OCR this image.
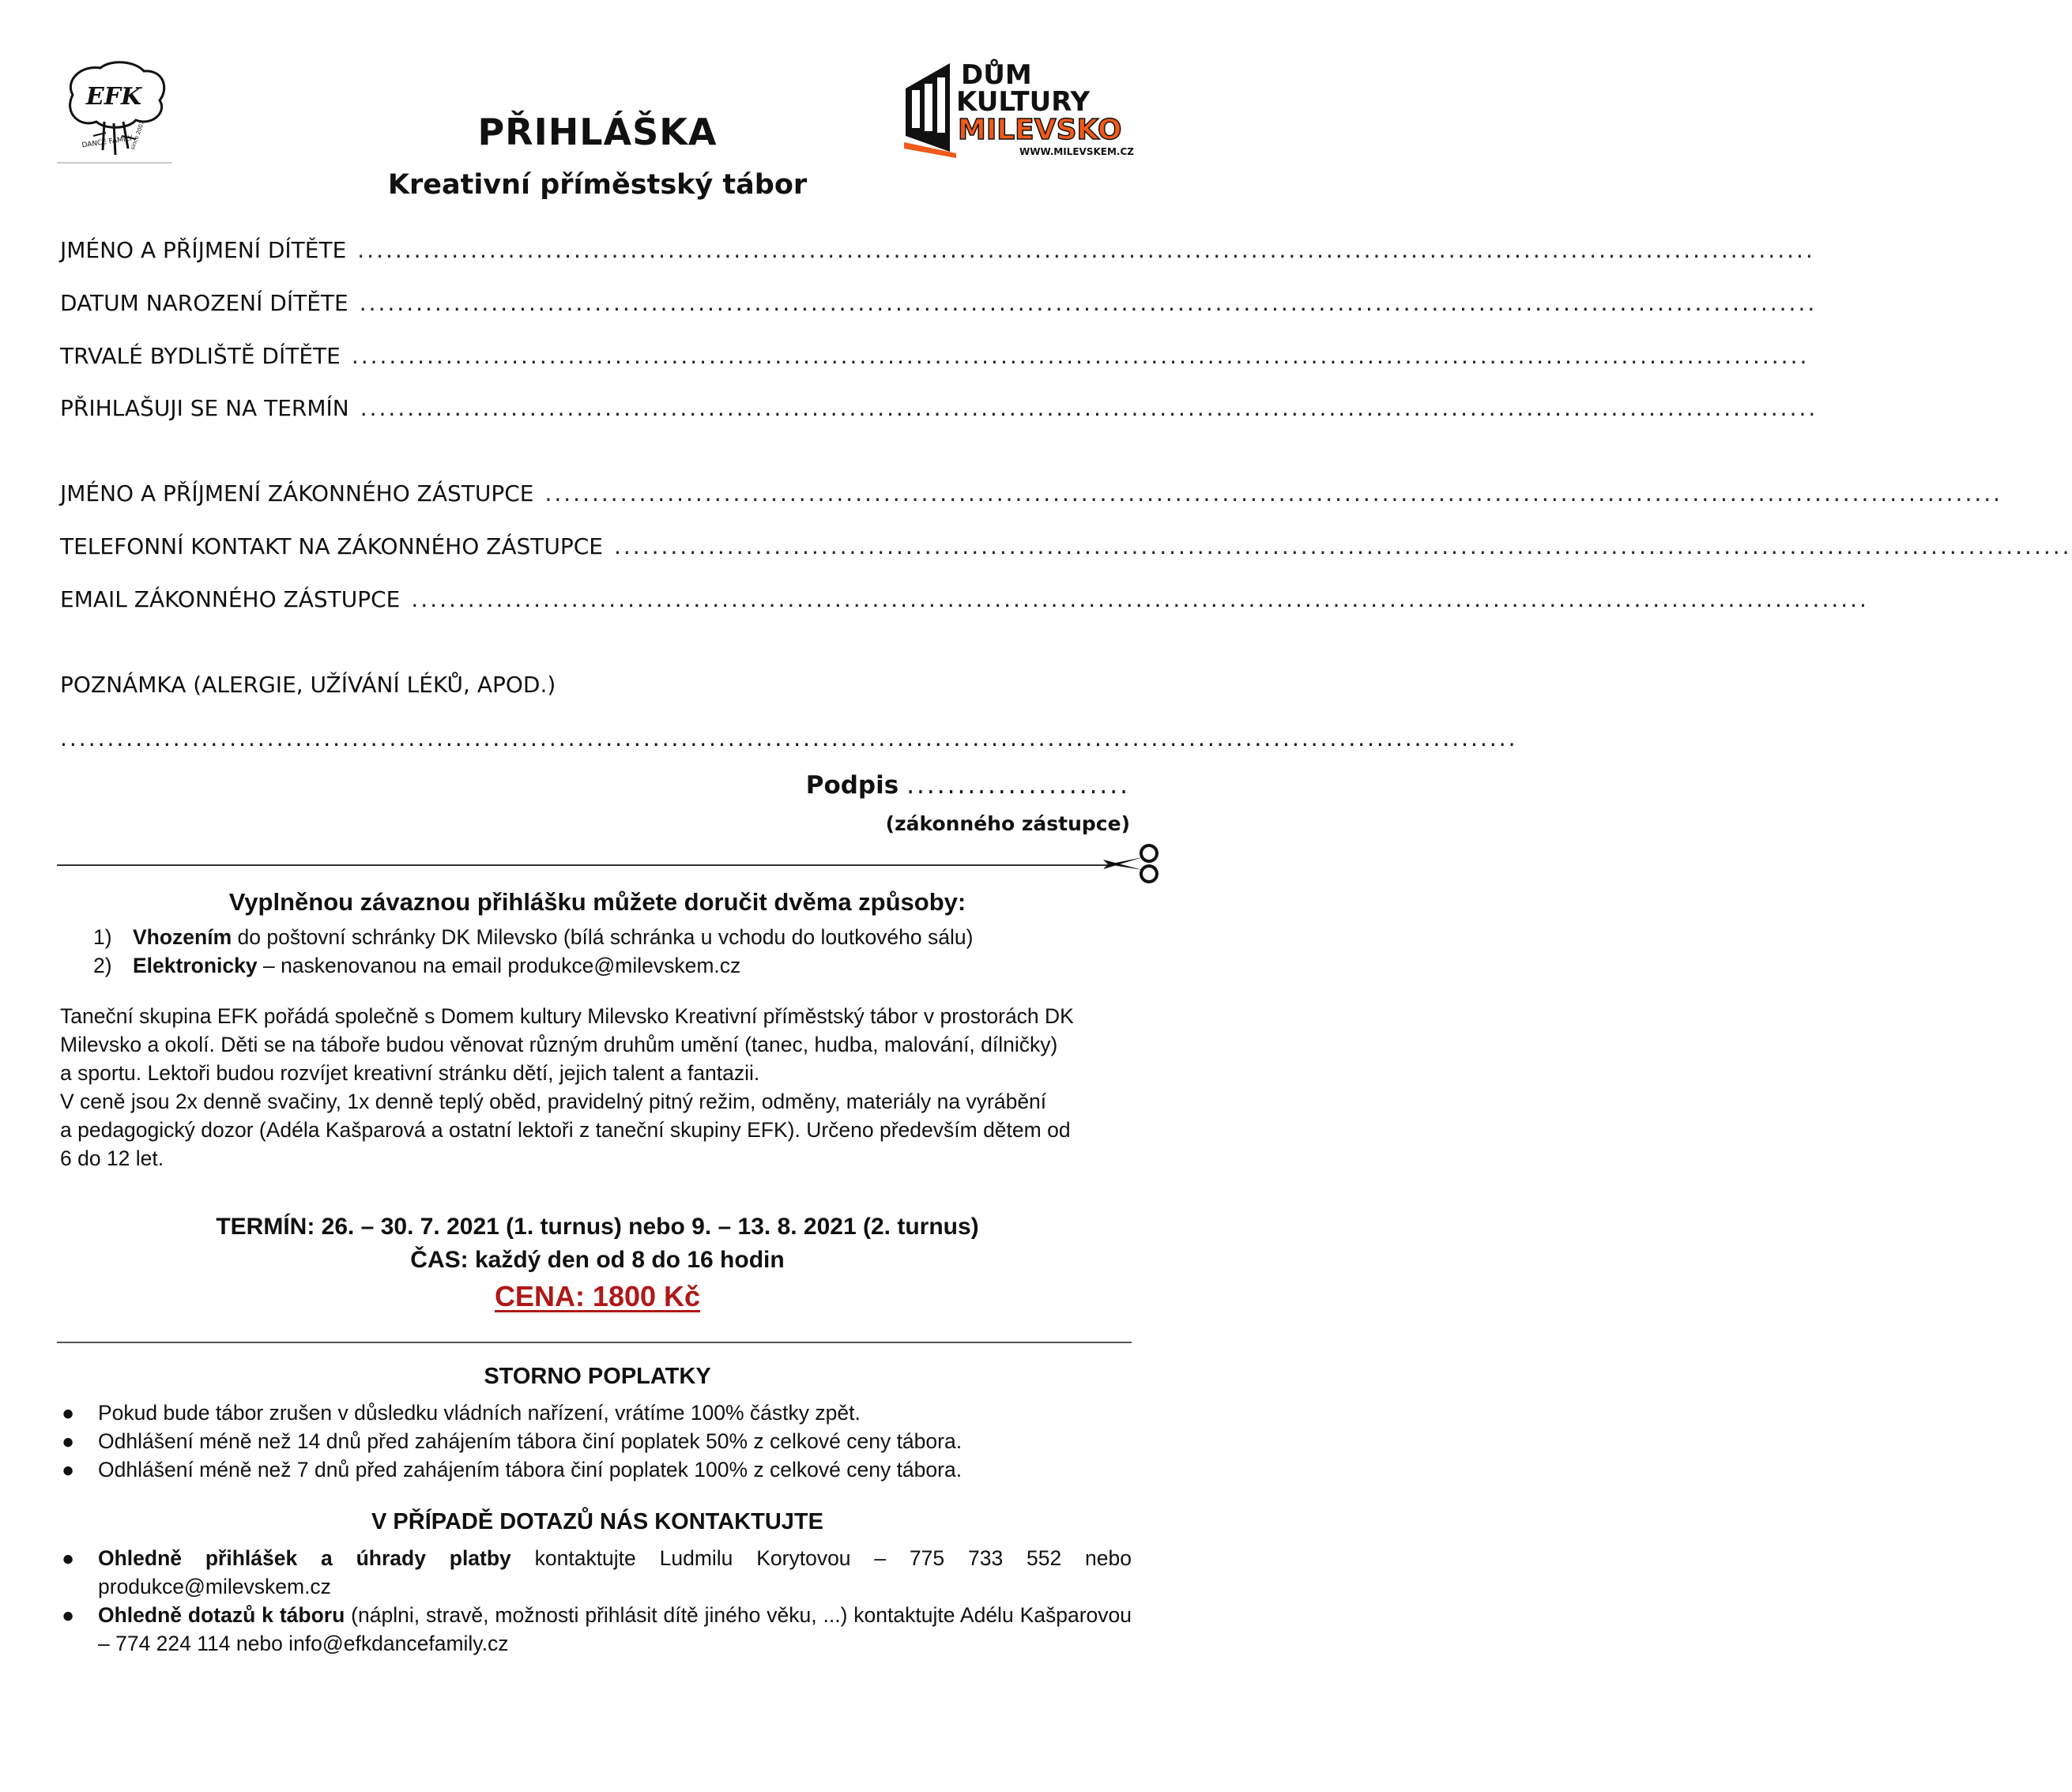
EFK
DANCE FAMILY
since 2007
DŮM
KULTURY
MILEVSKO
WWW.MILEVSKEM.CZ
PŘIHLÁŠKA
Kreativní příměstský tábor
JMÉNO A PŘÍJMENÍ DÍTĚTE ...........................................................................................................................................................
DATUM NAROZENÍ DÍTĚTE ...........................................................................................................................................................
TRVALÉ BYDLIŠTĚ DÍTĚTE ...........................................................................................................................................................
PŘIHLAŠUJI SE NA TERMÍN ...........................................................................................................................................................
JMÉNO A PŘÍJMENÍ ZÁKONNÉHO ZÁSTUPCE ...........................................................................................................................................................
TELEFONNÍ KONTAKT NA ZÁKONNÉHO ZÁSTUPCE ...........................................................................................................................................................
EMAIL ZÁKONNÉHO ZÁSTUPCE ...........................................................................................................................................................
POZNÁMKA (ALERGIE, UŽÍVÁNÍ LÉKŮ, APOD.)
...........................................................................................................................................................
Podpis ......................
(zákonného zástupce)
Vyplněnou závaznou přihlášku můžete doručit dvěma způsoby:
1) Vhozením do poštovní schránky DK Milevsko (bílá schránka u vchodu do loutkového sálu)
2) Elektronicky – naskenovanou na email produkce@milevskem.cz
Taneční skupina EFK pořádá společně s Domem kultury Milevsko Kreativní příměstský tábor v prostorách DK
Milevsko a okolí. Děti se na táboře budou věnovat různým druhům umění (tanec, hudba, malování, dílničky)
a sportu. Lektoři budou rozvíjet kreativní stránku dětí, jejich talent a fantazii.
V ceně jsou 2x denně svačiny, 1x denně teplý oběd, pravidelný pitný režim, odměny, materiály na vyrábění
a pedagogický dozor (Adéla Kašparová a ostatní lektoři z taneční skupiny EFK). Určeno především dětem od
6 do 12 let.
TERMÍN: 26. – 30. 7. 2021 (1. turnus) nebo 9. – 13. 8. 2021 (2. turnus)
ČAS: každý den od 8 do 16 hodin
CENA: 1800 Kč
STORNO POPLATKY
● Pokud bude tábor zrušen v důsledku vládních nařízení, vrátíme 100% částky zpět.
● Odhlášení méně než 14 dnů před zahájením tábora činí poplatek 50% z celkové ceny tábora.
● Odhlášení méně než 7 dnů před zahájením tábora činí poplatek 100% z celkové ceny tábora.
V PŘÍPADĚ DOTAZŮ NÁS KONTAKTUJTE
● Ohledně přihlášek a úhrady platby kontaktujte Ludmilu Korytovou – 775 733 552 nebo produkce@milevskem.cz
● Ohledně dotazů k táboru (náplni, stravě, možnosti přihlásit dítě jiného věku, ...) kontaktujte Adélu Kašparovou – 774 224 114 nebo info@efkdancefamily.cz
